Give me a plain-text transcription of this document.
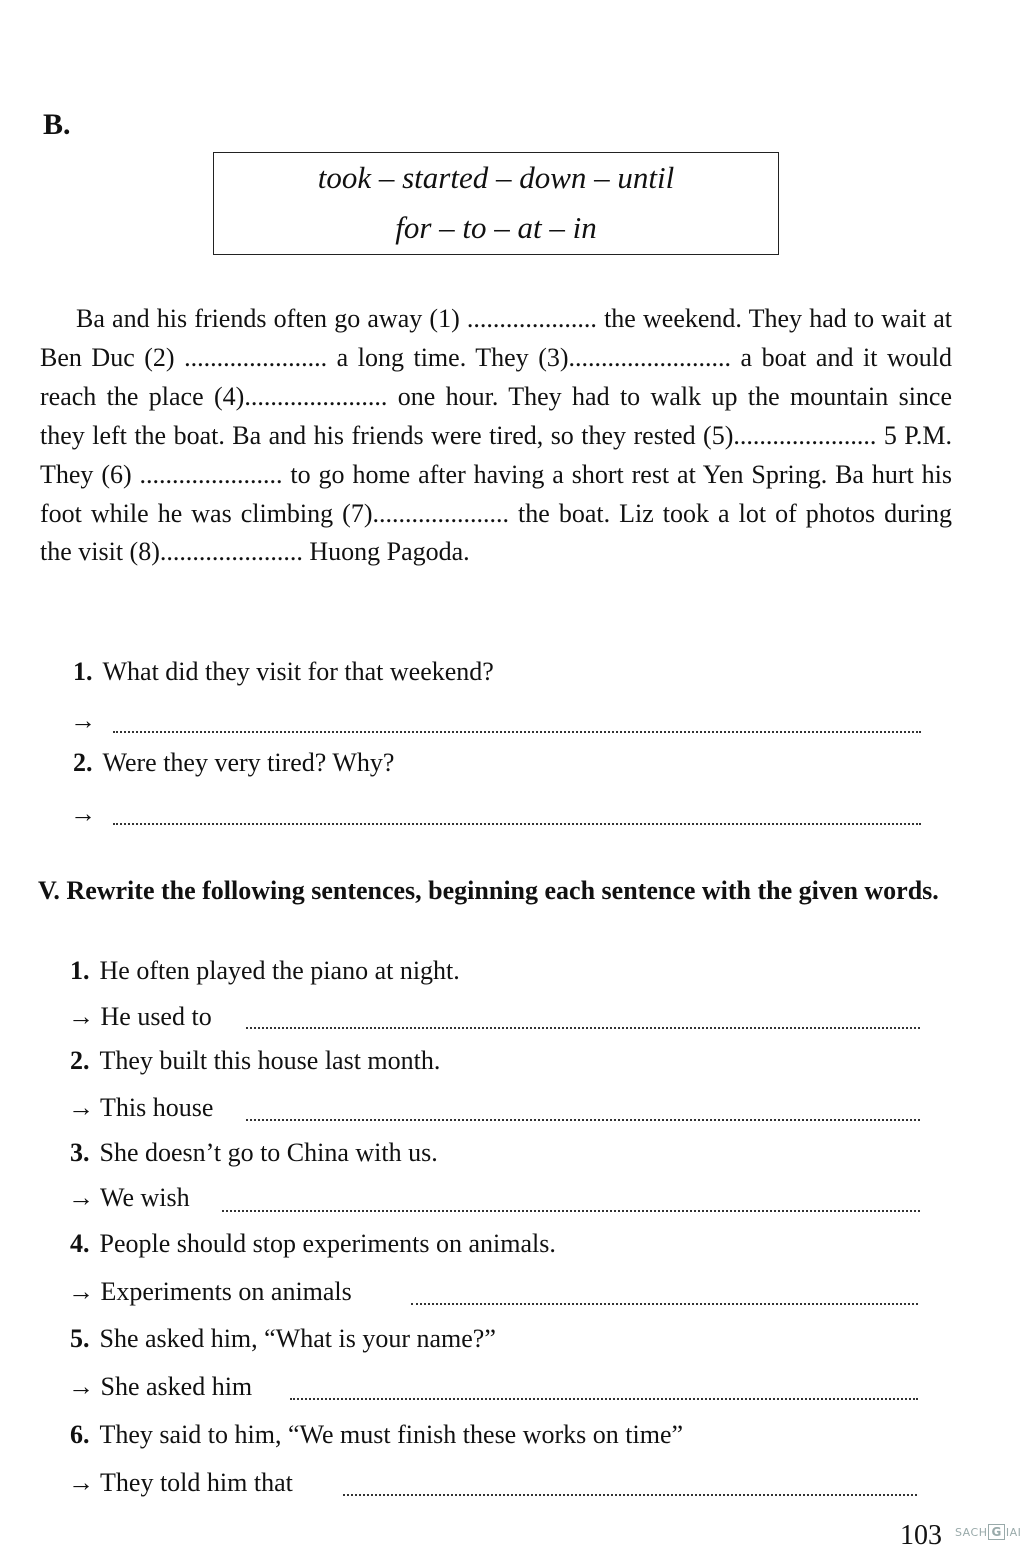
B.
took – started – down – until
for – to – at – in
Ba and his friends often go away (1) .................... the weekend. They had to wait at Ben Duc (2) ...................... a long time. They (3)......................... a boat and it would reach the place (4)...................... one hour. They had to walk up the mountain since they left the boat. Ba and his friends were tired, so they rested (5)...................... 5 P.M. They (6) ...................... to go home after having a short rest at Yen Spring. Ba hurt his foot while he was climbing (7)..................... the boat. Liz took a lot of photos during the visit (8)...................... Huong Pagoda.
1. What did they visit for that weekend?
→
2. Were they very tired? Why?
→
V. Rewrite the following sentences, beginning each sentence with the given words.
1. He often played the piano at night.
→ He used to
2. They built this house last month.
→ This house
3. She doesn’t go to China with us.
→ We wish
4. People should stop experiments on animals.
→ Experiments on animals
5. She asked him, “What is your name?”
→ She asked him
6. They said to him, “We must finish these works on time”
→ They told him that
103 SACH G IAI
